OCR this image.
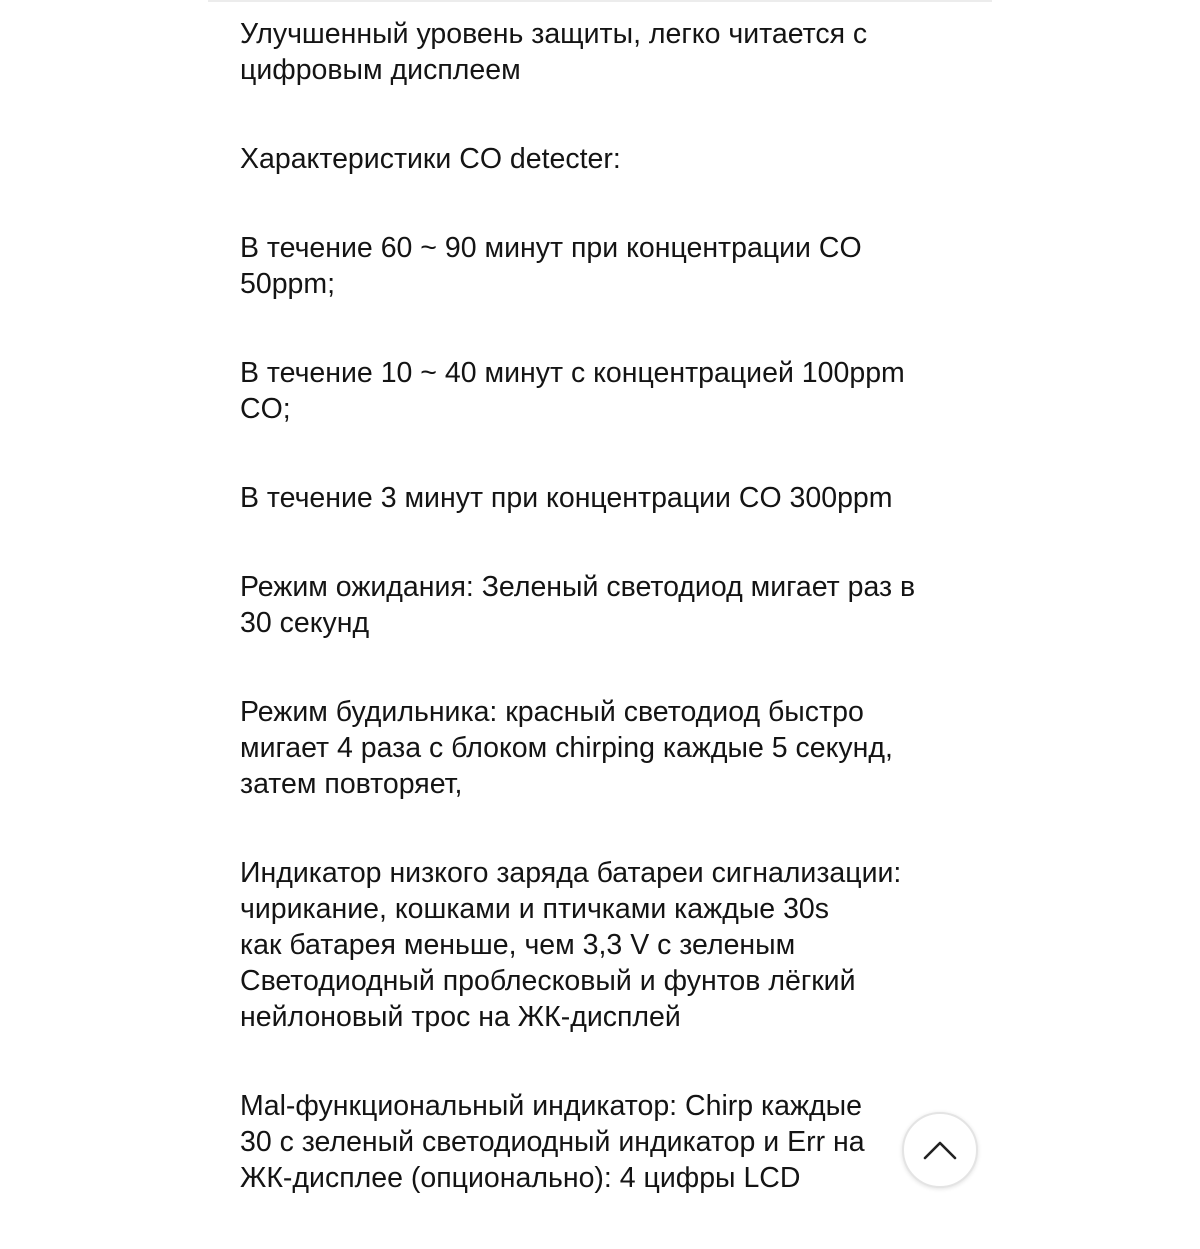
Улучшенный уровень защиты, легко читается с
цифровым дисплеем

Характеристики CO detecter:

В течение 60 ~ 90 минут при концентрации CO
50ppm;

В течение 10 ~ 40 минут с концентрацией 100ppm
CO;

В течение 3 минут при концентрации CO 300ppm

Режим ожидания: Зеленый светодиод мигает раз в
30 секунд

Режим будильника: красный светодиод быстро
мигает 4 раза с блоком chirping каждые 5 секунд,
затем повторяет,

Индикатор низкого заряда батареи сигнализации:
чирикание, кошками и птичками каждые 30s
как батарея меньше, чем 3,3 V с зеленым
Светодиодный проблесковый и фунтов лёгкий
нейлоновый трос на ЖК-дисплей

Mal-функциональный индикатор: Chirp каждые
30 с зеленый светодиодный индикатор и Err на
ЖК-дисплее (опционально): 4 цифры LCD
